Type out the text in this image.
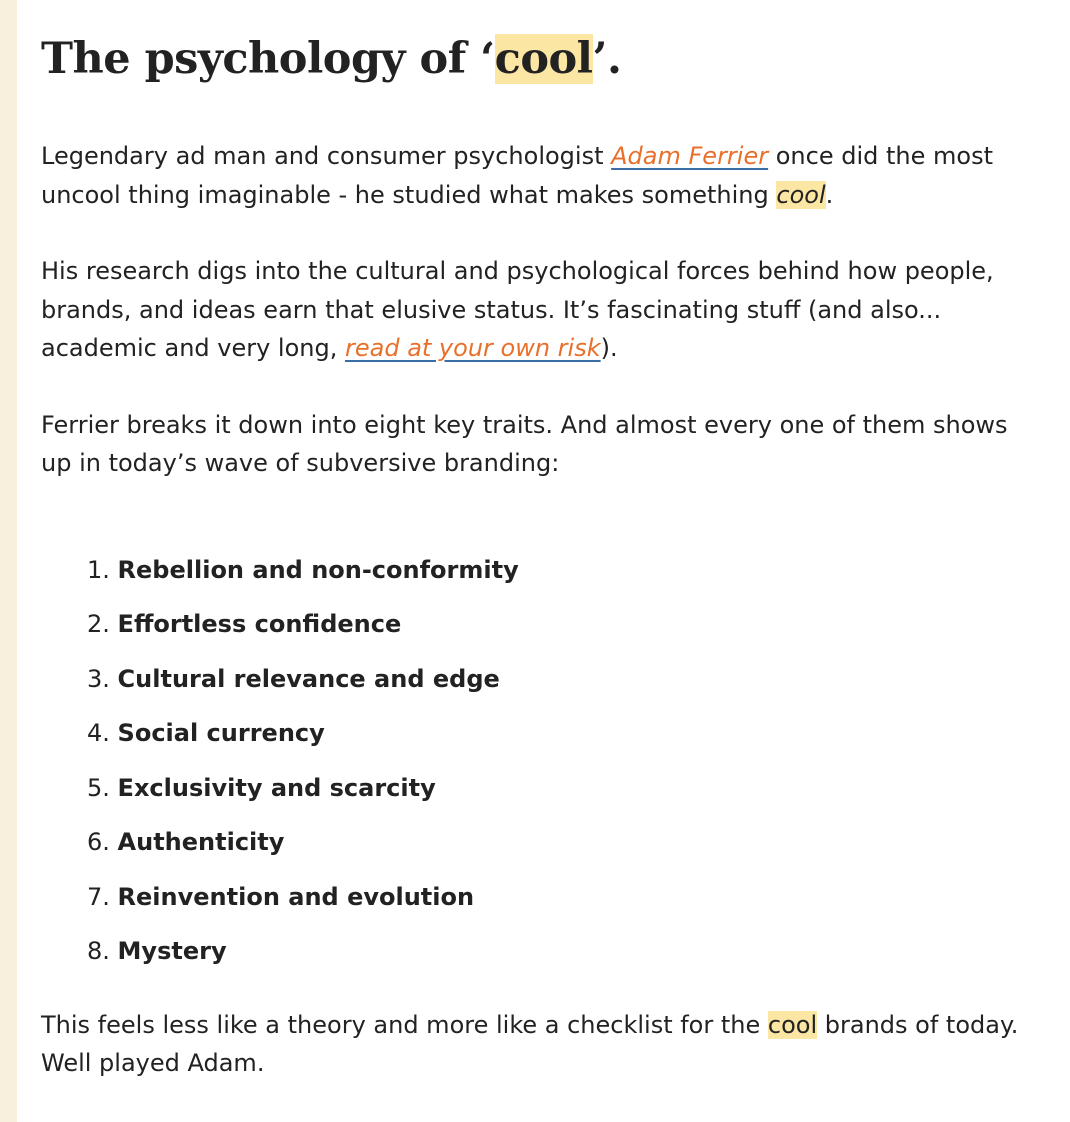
The psychology of ‘cool’.

Legendary ad man and consumer psychologist Adam Ferrier once did the most uncool thing imaginable - he studied what makes something cool.

His research digs into the cultural and psychological forces behind how people, brands, and ideas earn that elusive status. It’s fascinating stuff (and also... academic and very long, read at your own risk).

Ferrier breaks it down into eight key traits. And almost every one of them shows up in today’s wave of subversive branding:

1. Rebellion and non-conformity
2. Effortless confidence
3. Cultural relevance and edge
4. Social currency
5. Exclusivity and scarcity
6. Authenticity
7. Reinvention and evolution
8. Mystery

This feels less like a theory and more like a checklist for the cool brands of today. Well played Adam.
